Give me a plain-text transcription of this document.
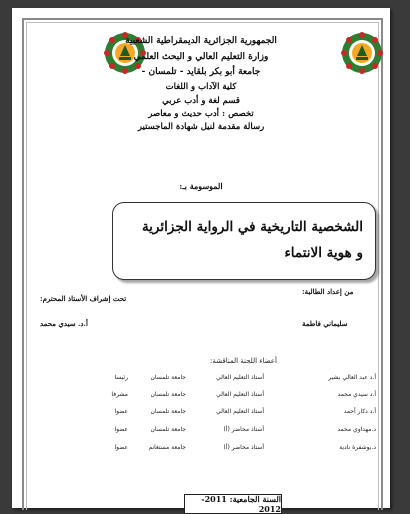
الجمهورية الجزائرية الديمقراطية الشعبية
وزارة التعليم العالي و البحث العلمي
جامعة أبو بكر بلقايد - تلمسان -
كلية الآداب و اللغات
قسم لغة و أدب عربي
تخصص : أدب حديث و معاصر
رسالة مقدمة لنيل شهادة الماجستير
الموسومة بـ:
الشخصية التاريخية في الرواية الجزائرية
و هوية الانتماء
من إعداد الطالبة:
تحت إشراف الأستاذ المحترم:
سليماني فاطمة
أ.د. سيدي محمد
أعضاء اللجنة المناقشة:
أ.د عبد العالي بشير
أستاذ التعليم العالي
جامعة تلمسان
رئيسا
أ.د سيدي محمد
أستاذ التعليم العالي
جامعة تلمسان
مشرفا
أ.د دكار أحمد
أستاذ التعليم العالي
جامعة تلمسان
عضوا
د.مهداوي محمد
أستاذ محاضر (أ)
جامعة تلمسان
عضوا
د.بوشفرة نادية
أستاذ محاضر (أ)
جامعة مستغانم
عضوا
السنة الجامعية: 2011-2012
